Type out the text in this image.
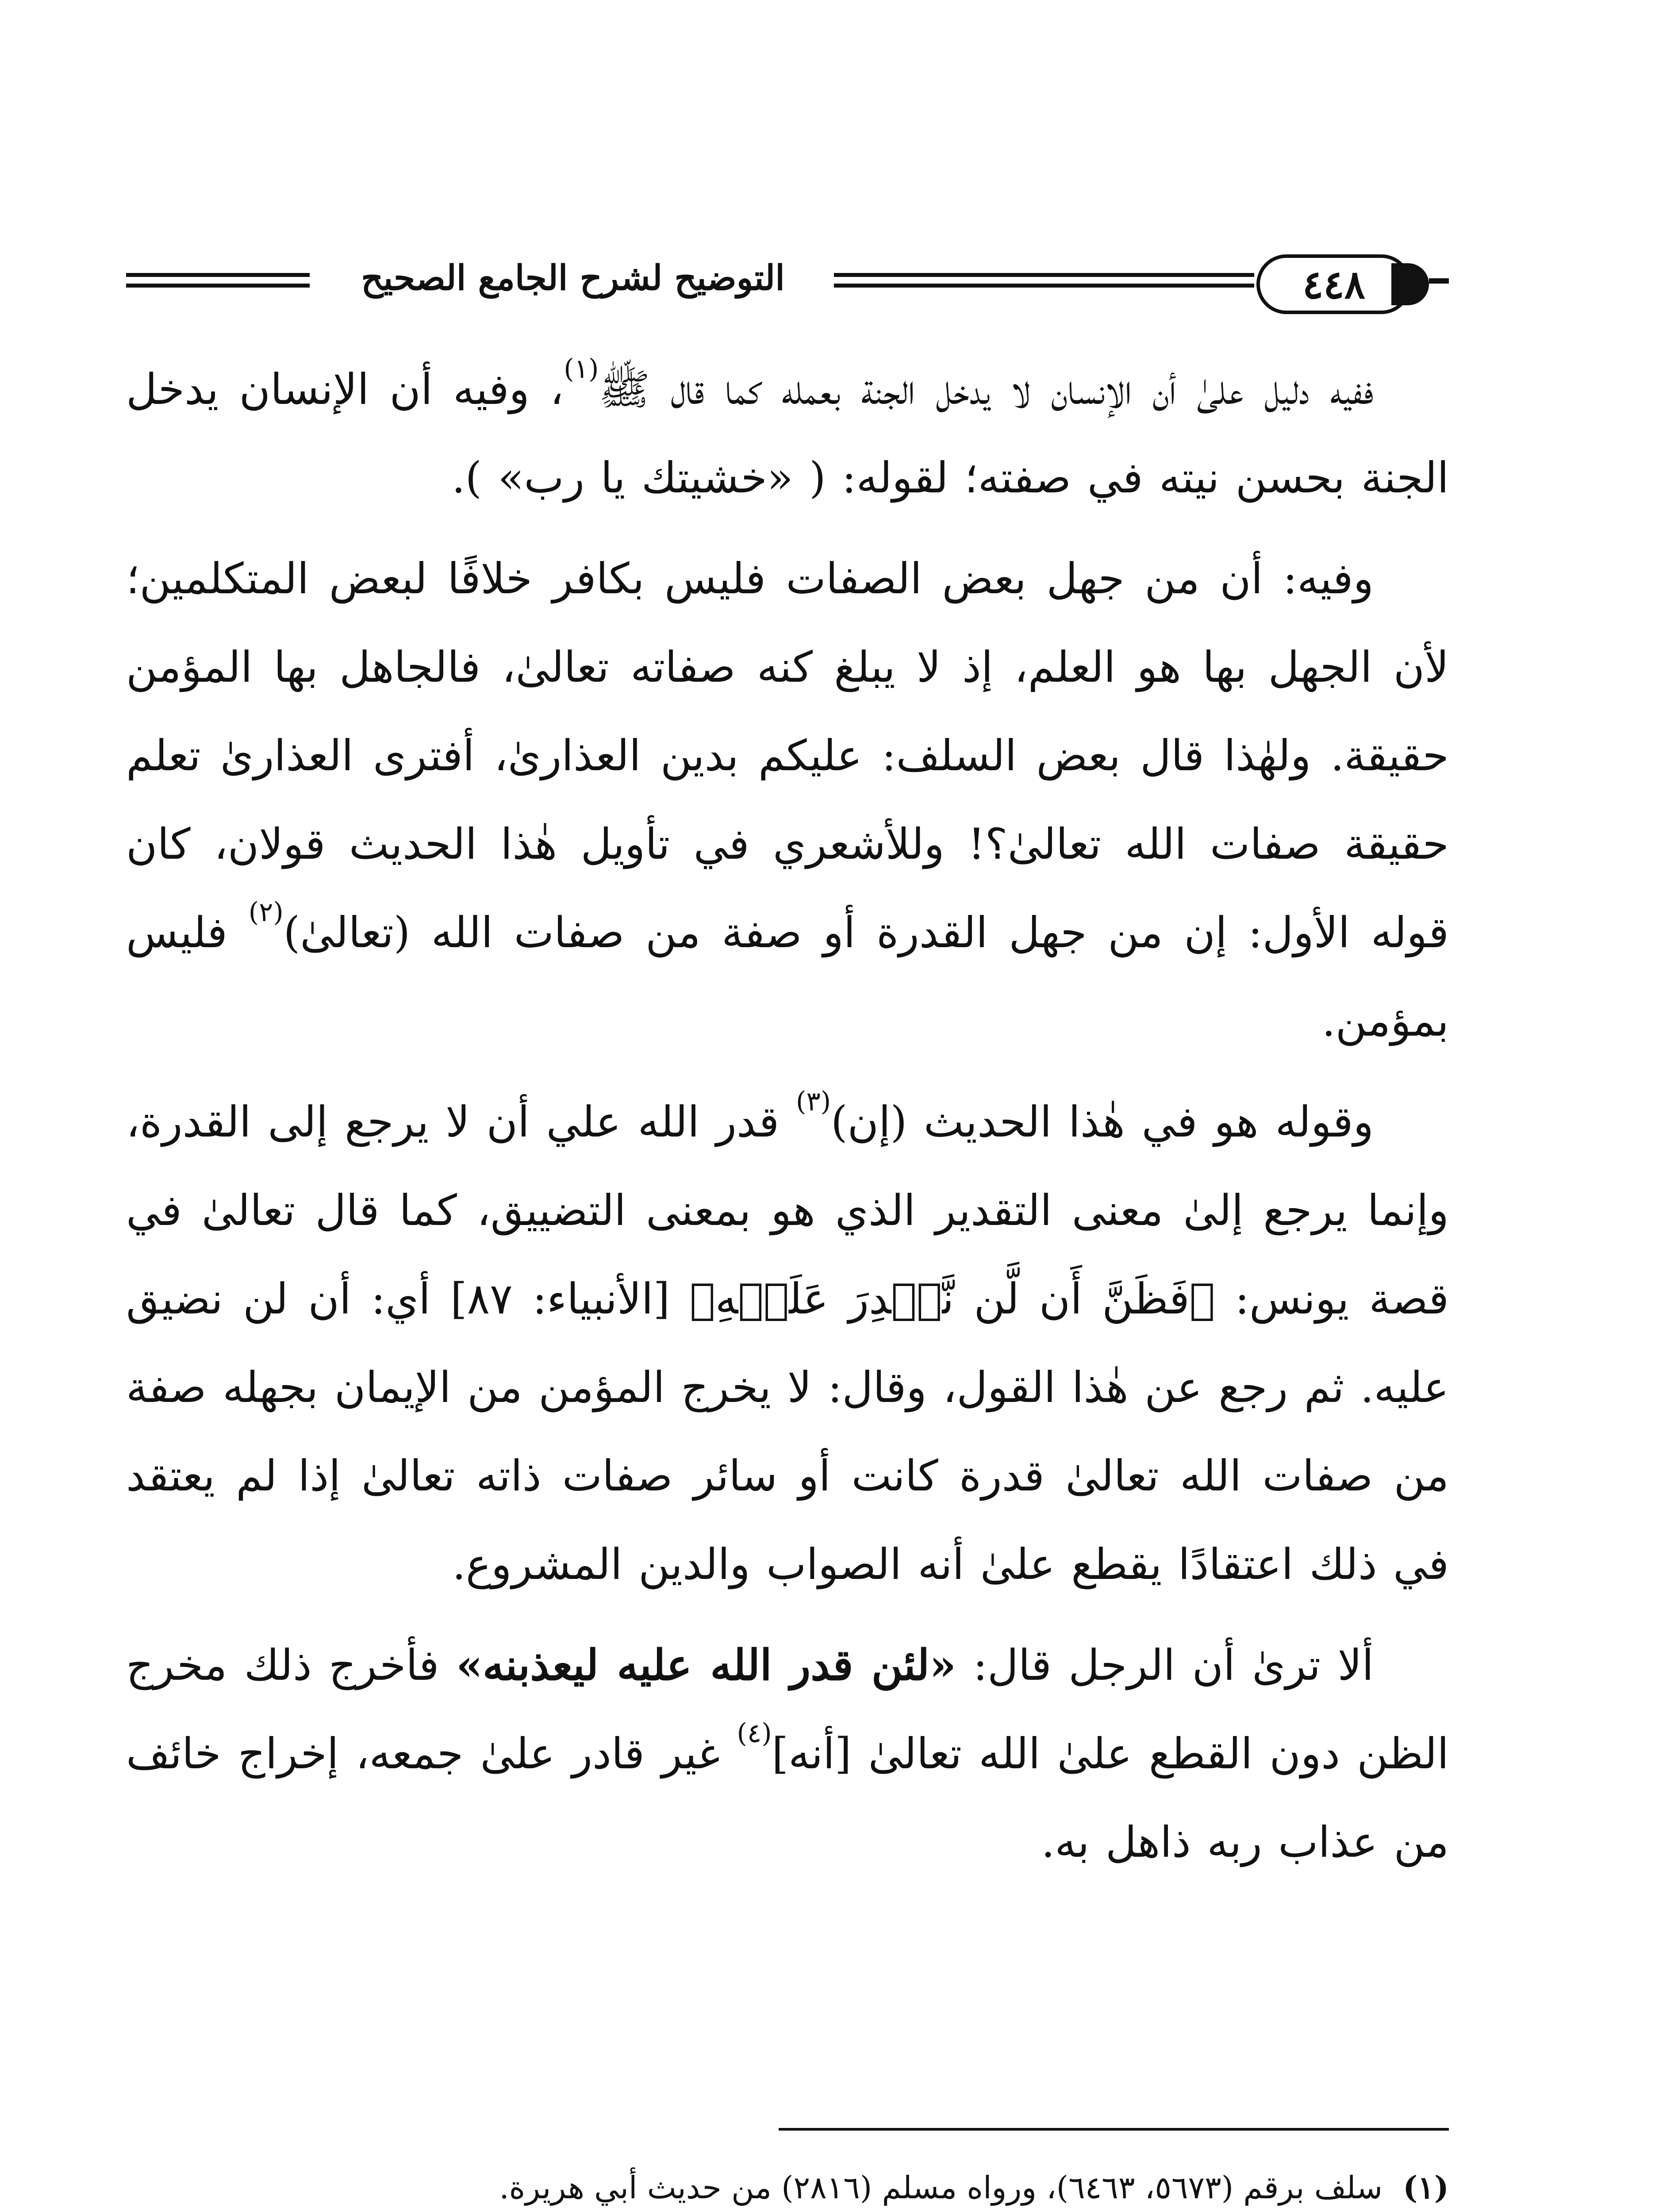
التوضيح لشرح الجامع الصحيح	٤٤٨

ففيه دليل علىٰ أن الإنسان لا يدخل الجنة بعمله كما قال ﷺ$^{(١)}$، وفيه أن الإنسان يدخل الجنة بحسن نيته في صفته؛ لقوله: ( «خشيتك يا رب» ).

وفيه: أن من جهل بعض الصفات فليس بكافر خلافًا لبعض المتكلمين؛ لأن الجهل بها هو العلم، إذ لا يبلغ كنه صفاته تعالىٰ، فالجاهل بها المؤمن حقيقة. ولهٰذا قال بعض السلف: عليكم بدين العذارىٰ، أفترى العذارىٰ تعلم حقيقة صفات الله تعالىٰ؟! وللأشعري في تأويل هٰذا الحديث قولان، كان قوله الأول: إن من جهل القدرة أو صفة من صفات الله (تعالىٰ)$^{(٢)}$ فليس بمؤمن.

وقوله هو في هٰذا الحديث (إن)$^{(٣)}$ قدر الله علي أن لا يرجع إلى القدرة، وإنما يرجع إلىٰ معنى التقدير الذي هو بمعنى التضييق، كما قال تعالىٰ في قصة يونس: ﴿فَظَنَّ أَن لَّن نَّقۡدِرَ عَلَيۡهِ﴾ [الأنبياء: ٨٧] أي: أن لن نضيق عليه. ثم رجع عن هٰذا القول، وقال: لا يخرج المؤمن من الإيمان بجهله صفة من صفات الله تعالىٰ قدرة كانت أو سائر صفات ذاته تعالىٰ إذا لم يعتقد في ذلك اعتقادًا يقطع علىٰ أنه الصواب والدين المشروع.

ألا ترىٰ أن الرجل قال: «لئن قدر الله عليه ليعذبنه» فأخرج ذلك مخرج الظن دون القطع علىٰ الله تعالىٰ [أنه]$^{(٤)}$ غير قادر علىٰ جمعه، إخراج خائف من عذاب ربه ذاهل به.

(١)سلف برقم (٥٦٧٣، ٦٤٦٣)، ورواه مسلم (٢٨١٦) من حديث أبي هريرة.
